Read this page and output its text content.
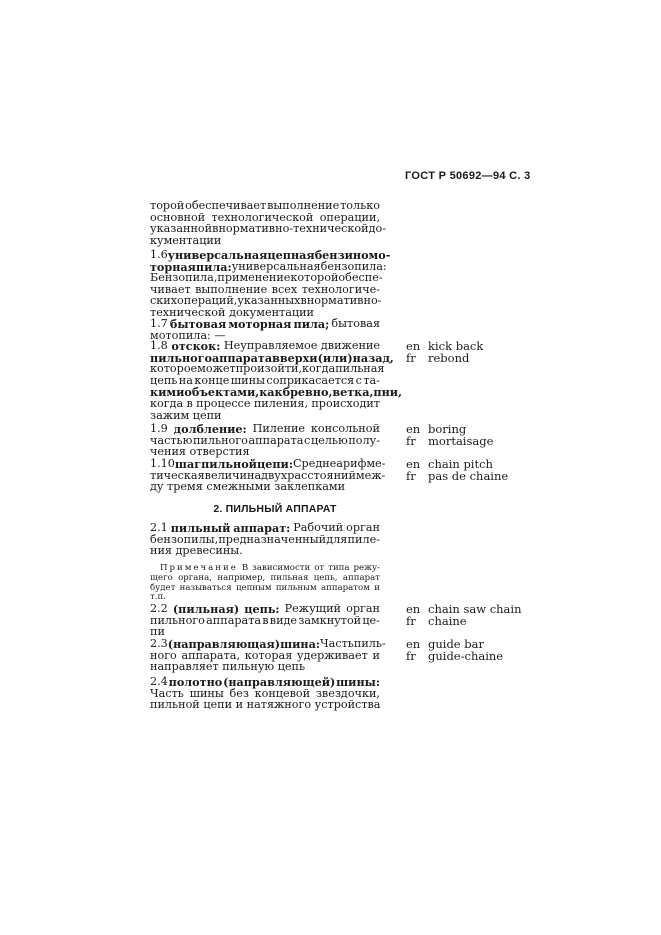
ГОСТ Р 50692—94 С. 3
торой обеспечивает выполнение только
основной технологической операции,
указанной в нормативно-технической до-
кументации
1.6 универсальная цепная бензиномо-
торная пила: универсальная бензопила:
Бензопила, применение которой обеспе-
чивает выполнение всех технологиче-
ских операций, указанных в нормативно-
технической документации
1.7 бытовая моторная пила; бытовая
мотопила: —
1.8 отскок: Неуправляемое движение
пильного аппарата вверх и (или) назад,
которое может произойти, когда пильная
цепь на конце шины соприкасается с та-
кими объектами, как бревно, ветка, пни,
когда в процессе пиления, происходит
зажим цепи
en kick back
fr rebond
1.9 долбление: Пиление консольной
частью пильного аппарата с целью полу-
чения отверстия
en boring
fr mortaisage
1.10 шаг пильной цепи: Среднеарифме-
тическая величина двух расстояний меж-
ду тремя смежными заклепками
en chain pitch
fr pas de chaine
2.1 пильный аппарат: Рабочий орган
бензопилы, предназначенный для пиле-
ния древесины.
2.2 (пильная) цепь: Режущий орган
пильного аппарата в виде замкнутой це-
пи
en chain saw chain
fr chaine
2.3 (направляющая) шина: Часть пиль-
ного аппарата, которая удерживает и
направляет пильную цепь
en guide bar
fr guide-chaine
2.4 полотно (направляющей) шины:
Часть шины без концевой звездочки,
пильной цепи и натяжного устройства
Примечание В зависимости от типа режу-
щего органа, например, пильная цепь, аппарат
будет называться цепным пильным аппаратом и
т. п.
2. ПИЛЬНЫЙ АППАРАТ
